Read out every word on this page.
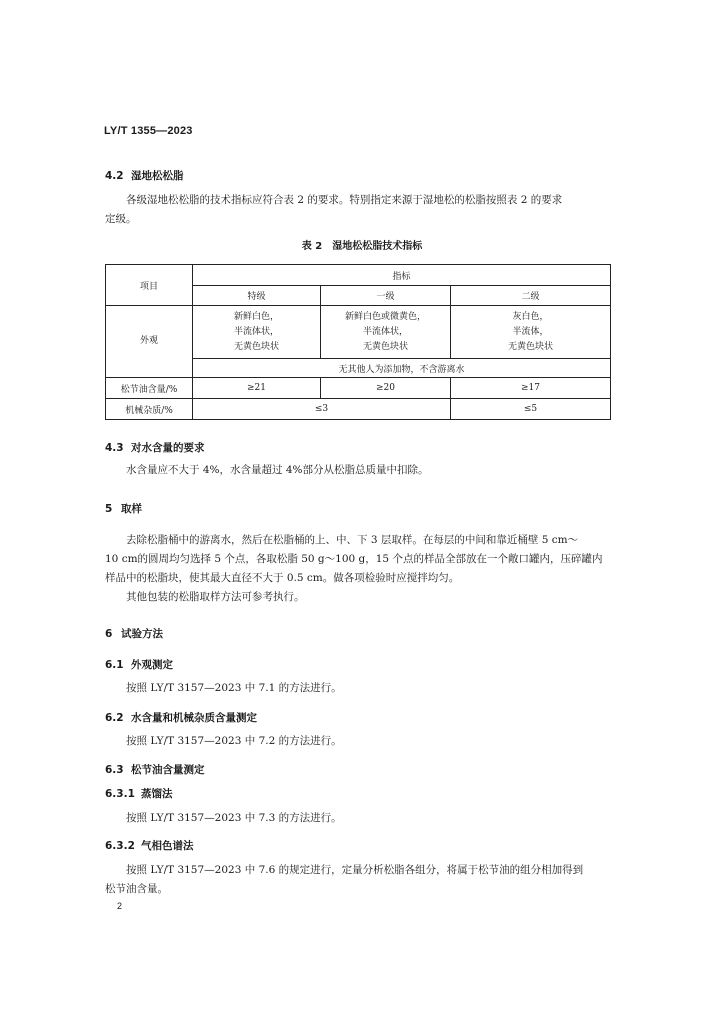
LY/T 1355—2023
4.2 湿地松松脂
各级湿地松松脂的技术指标应符合表 2 的要求。特别指定来源于湿地松的松脂按照表 2 的要求
定级。
表 2　湿地松松脂技术指标
项目	指标		
	特级	一级	二级
外观	新鲜白色，
半流体状，
无黄色块状	新鲜白色或微黄色，
半流体状，
无黄色块状	灰白色，
半流体，
无黄色块状

	无其他人为添加物，不含游离水		
松节油含量/%	≥21	≥20	≥17
机械杂质/%	≤3		≤5
4.3 对水含量的要求
水含量应不大于 4%，水含量超过 4%部分从松脂总质量中扣除。
5 取样
去除松脂桶中的游离水，然后在松脂桶的上、中、下 3 层取样。在每层的中间和靠近桶壁 5 cm～
10 cm的圆周均匀选择 5 个点，各取松脂 50 g～100 g，15 个点的样品全部放在一个敞口罐内，压碎罐内
样品中的松脂块，使其最大直径不大于 0.5 cm。做各项检验时应搅拌均匀。
其他包装的松脂取样方法可参考执行。
6 试验方法
6.1 外观测定
按照 LY/T 3157—2023 中 7.1 的方法进行。
6.2 水含量和机械杂质含量测定
按照 LY/T 3157—2023 中 7.2 的方法进行。
6.3 松节油含量测定
6.3.1 蒸馏法
按照 LY/T 3157—2023 中 7.3 的方法进行。
6.3.2 气相色谱法
按照 LY/T 3157—2023 中 7.6 的规定进行，定量分析松脂各组分，将属于松节油的组分相加得到
松节油含量。
2
